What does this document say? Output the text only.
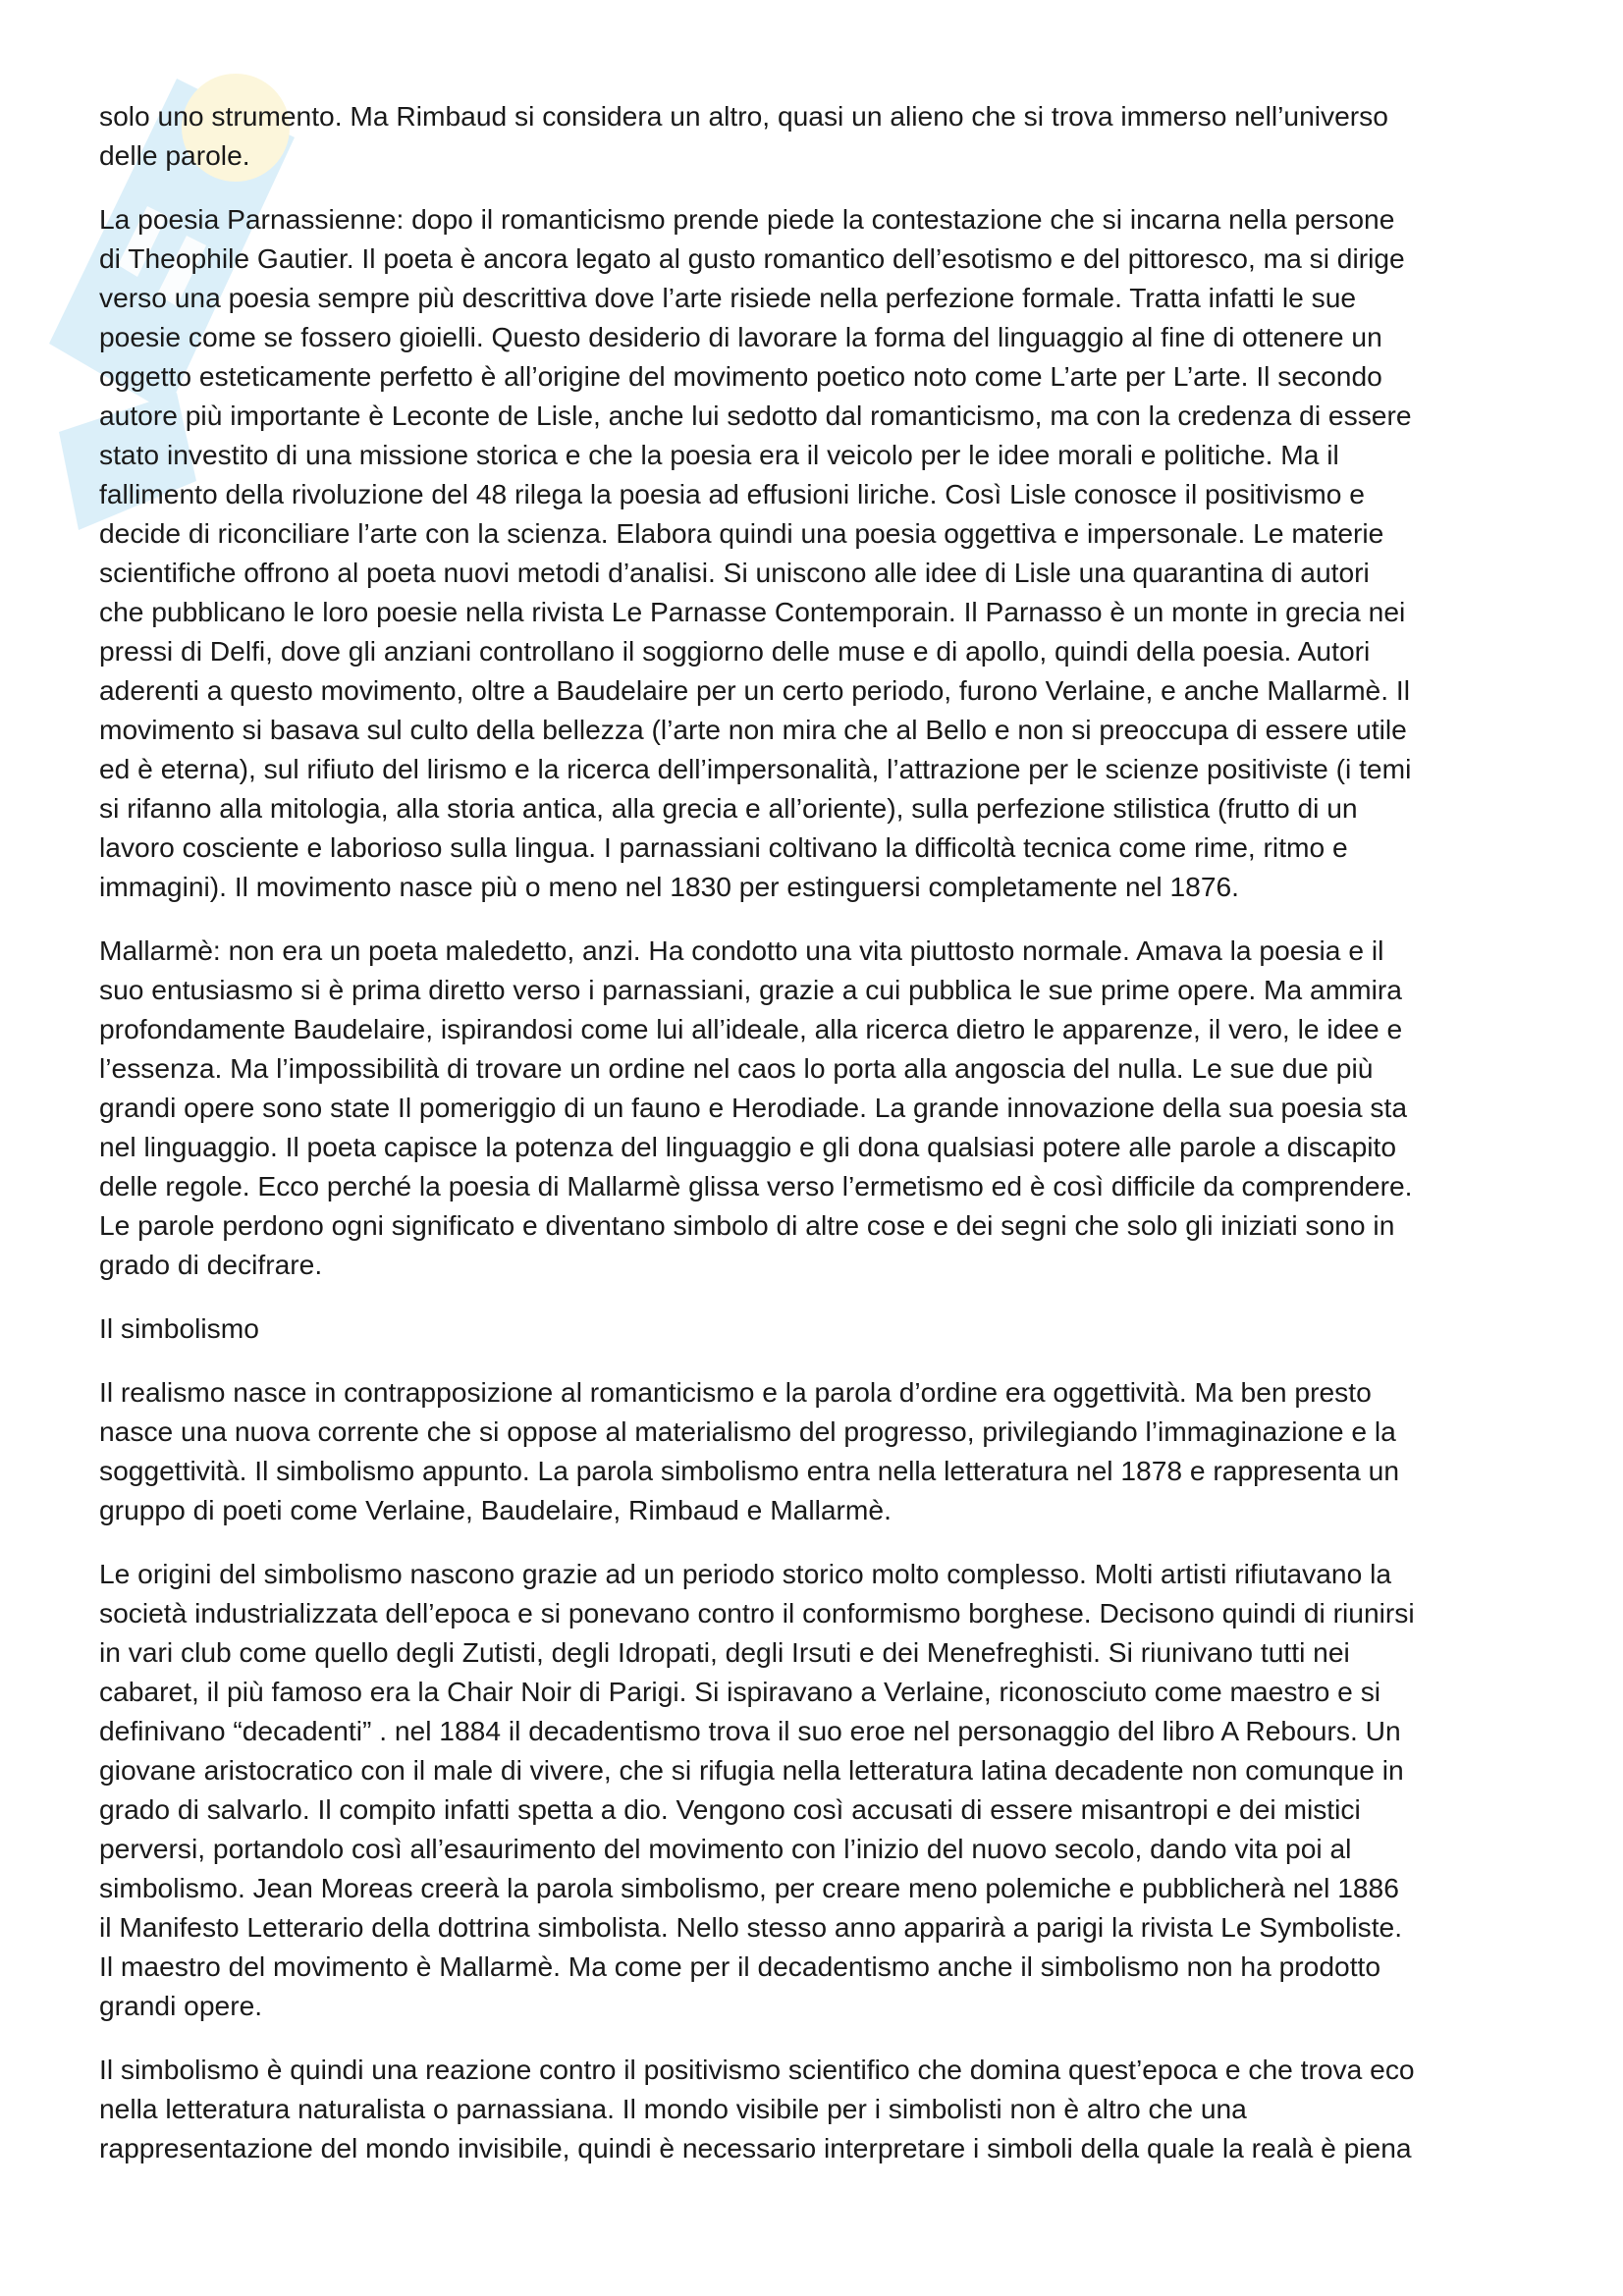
solo uno strumento. Ma Rimbaud si considera un altro, quasi un alieno che si trova immerso nell’universo
delle parole.

La poesia Parnassienne: dopo il romanticismo prende piede la contestazione che si incarna nella persone
di Theophile Gautier. Il poeta è ancora legato al gusto romantico dell’esotismo e del pittoresco, ma si dirige
verso una poesia sempre più descrittiva dove l’arte risiede nella perfezione formale. Tratta infatti le sue
poesie come se fossero gioielli. Questo desiderio di lavorare la forma del linguaggio al fine di ottenere un
oggetto esteticamente perfetto è all’origine del movimento poetico noto come L’arte per L’arte. Il secondo
autore più importante è Leconte de Lisle, anche lui sedotto dal romanticismo, ma con la credenza di essere
stato investito di una missione storica e che la poesia era il veicolo per le idee morali e politiche. Ma il
fallimento della rivoluzione del 48 rilega la poesia ad effusioni liriche. Così Lisle conosce il positivismo e
decide di riconciliare l’arte con la scienza. Elabora quindi una poesia oggettiva e impersonale. Le materie
scientifiche offrono al poeta nuovi metodi d’analisi. Si uniscono alle idee di Lisle una quarantina di autori
che pubblicano le loro poesie nella rivista Le Parnasse Contemporain. Il Parnasso è un monte in grecia nei
pressi di Delfi, dove gli anziani controllano il soggiorno delle muse e di apollo, quindi della poesia. Autori
aderenti a questo movimento, oltre a Baudelaire per un certo periodo, furono Verlaine, e anche Mallarmè. Il
movimento si basava sul culto della bellezza (l’arte non mira che al Bello e non si preoccupa di essere utile
ed è eterna), sul rifiuto del lirismo e la ricerca dell’impersonalità, l’attrazione per le scienze positiviste (i temi
si rifanno alla mitologia, alla storia antica, alla grecia e all’oriente), sulla perfezione stilistica (frutto di un
lavoro cosciente e laborioso sulla lingua. I parnassiani coltivano la difficoltà tecnica come rime, ritmo e
immagini). Il movimento nasce più o meno nel 1830 per estinguersi completamente nel 1876.

Mallarmè: non era un poeta maledetto, anzi. Ha condotto una vita piuttosto normale. Amava la poesia e il
suo entusiasmo si è prima diretto verso i parnassiani, grazie a cui pubblica le sue prime opere. Ma ammira
profondamente Baudelaire, ispirandosi come lui all’ideale, alla ricerca dietro le apparenze, il vero, le idee e
l’essenza. Ma l’impossibilità di trovare un ordine nel caos lo porta alla angoscia del nulla. Le sue due più
grandi opere sono state Il pomeriggio di un fauno e Herodiade. La grande innovazione della sua poesia sta
nel linguaggio. Il poeta capisce la potenza del linguaggio e gli dona qualsiasi potere alle parole a discapito
delle regole. Ecco perché la poesia di Mallarmè glissa verso l’ermetismo ed è così difficile da comprendere.
Le parole perdono ogni significato e diventano simbolo di altre cose e dei segni che solo gli iniziati sono in
grado di decifrare.

Il simbolismo

Il realismo nasce in contrapposizione al romanticismo e la parola d’ordine era oggettività. Ma ben presto
nasce una nuova corrente che si oppose al materialismo del progresso, privilegiando l’immaginazione e la
soggettività. Il simbolismo appunto. La parola simbolismo entra nella letteratura nel 1878 e rappresenta un
gruppo di poeti come Verlaine, Baudelaire, Rimbaud e Mallarmè.

Le origini del simbolismo nascono grazie ad un periodo storico molto complesso. Molti artisti rifiutavano la
società industrializzata dell’epoca e si ponevano contro il conformismo borghese. Decisono quindi di riunirsi
in vari club come quello degli Zutisti, degli Idropati, degli Irsuti e dei Menefreghisti. Si riunivano tutti nei
cabaret, il più famoso era la Chair Noir di Parigi. Si ispiravano a Verlaine, riconosciuto come maestro e si
definivano “decadenti” . nel 1884 il decadentismo trova il suo eroe nel personaggio del libro A Rebours. Un
giovane aristocratico con il male di vivere, che si rifugia nella letteratura latina decadente non comunque in
grado di salvarlo. Il compito infatti spetta a dio. Vengono così accusati di essere misantropi e dei mistici
perversi, portandolo così all’esaurimento del movimento con l’inizio del nuovo secolo, dando vita poi al
simbolismo. Jean Moreas creerà la parola simbolismo, per creare meno polemiche e pubblicherà nel 1886
il Manifesto Letterario della dottrina simbolista. Nello stesso anno apparirà a parigi la rivista Le Symboliste.
Il maestro del movimento è Mallarmè. Ma come per il decadentismo anche il simbolismo non ha prodotto
grandi opere.

Il simbolismo è quindi una reazione contro il positivismo scientifico che domina quest’epoca e che trova eco
nella letteratura naturalista o parnassiana. Il mondo visibile per i simbolisti non è altro che una
rappresentazione del mondo invisibile, quindi è necessario interpretare i simboli della quale la realà è piena
